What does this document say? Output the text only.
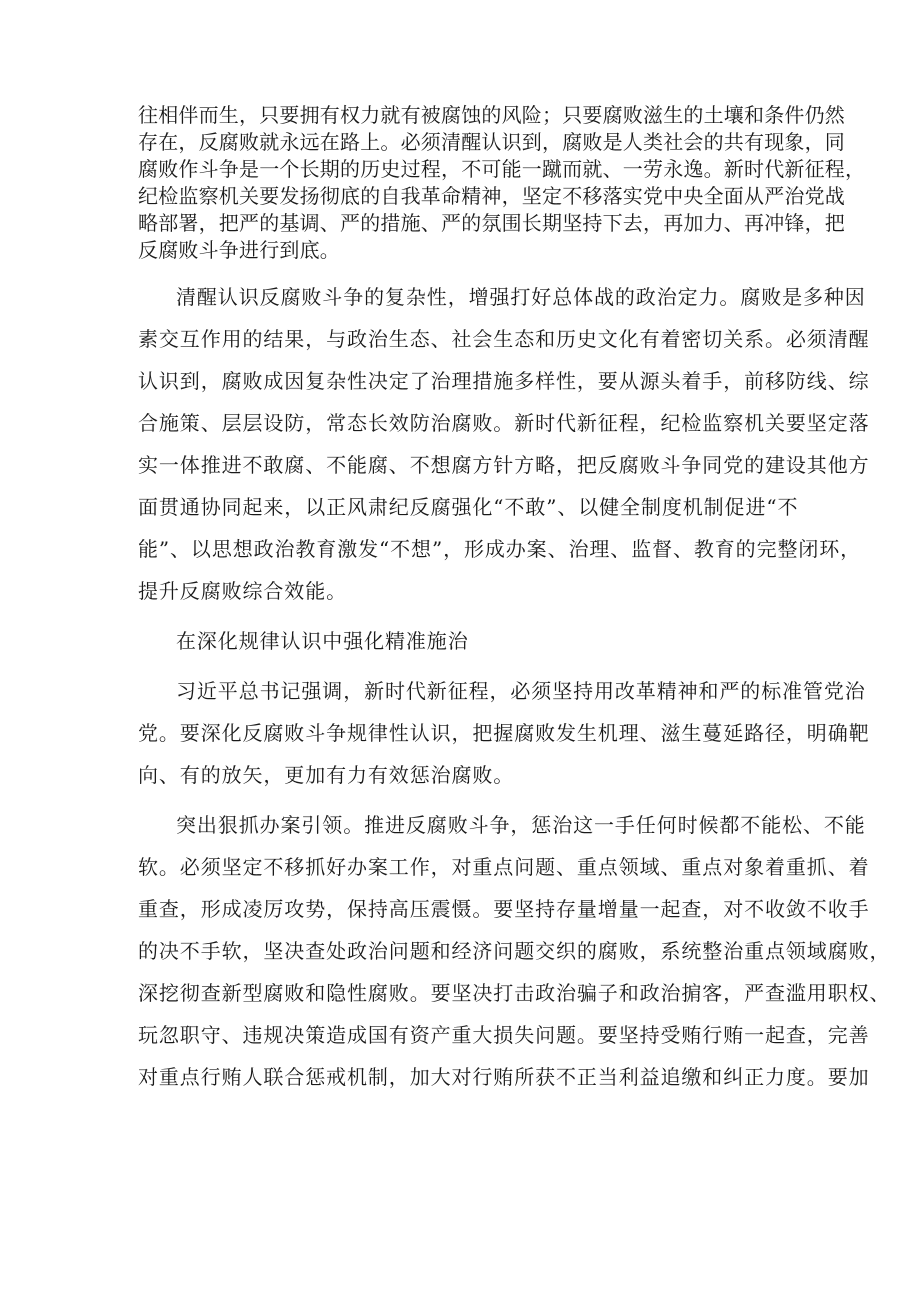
往相伴而生，只要拥有权力就有被腐蚀的风险；只要腐败滋生的土壤和条件仍然
存在，反腐败就永远在路上。必须清醒认识到，腐败是人类社会的共有现象，同
腐败作斗争是一个长期的历史过程，不可能一蹴而就、一劳永逸。新时代新征程，
纪检监察机关要发扬彻底的自我革命精神，坚定不移落实党中央全面从严治党战
略部署，把严的基调、严的措施、严的氛围长期坚持下去，再加力、再冲锋，把
反腐败斗争进行到底。
清醒认识反腐败斗争的复杂性，增强打好总体战的政治定力。腐败是多种因
素交互作用的结果，与政治生态、社会生态和历史文化有着密切关系。必须清醒
认识到，腐败成因复杂性决定了治理措施多样性，要从源头着手，前移防线、综
合施策、层层设防，常态长效防治腐败。新时代新征程，纪检监察机关要坚定落
实一体推进不敢腐、不能腐、不想腐方针方略，把反腐败斗争同党的建设其他方
面贯通协同起来，以正风肃纪反腐强化“不敢”、以健全制度机制促进“不
能”、以思想政治教育激发“不想”，形成办案、治理、监督、教育的完整闭环，
提升反腐败综合效能。
在深化规律认识中强化精准施治
习近平总书记强调，新时代新征程，必须坚持用改革精神和严的标准管党治
党。要深化反腐败斗争规律性认识，把握腐败发生机理、滋生蔓延路径，明确靶
向、有的放矢，更加有力有效惩治腐败。
突出狠抓办案引领。推进反腐败斗争，惩治这一手任何时候都不能松、不能
软。必须坚定不移抓好办案工作，对重点问题、重点领域、重点对象着重抓、着
重查，形成凌厉攻势，保持高压震慑。要坚持存量增量一起查，对不收敛不收手
的决不手软，坚决查处政治问题和经济问题交织的腐败，系统整治重点领域腐败，
深挖彻查新型腐败和隐性腐败。要坚决打击政治骗子和政治掮客，严查滥用职权、
玩忽职守、违规决策造成国有资产重大损失问题。要坚持受贿行贿一起查，完善
对重点行贿人联合惩戒机制，加大对行贿所获不正当利益追缴和纠正力度。要加
